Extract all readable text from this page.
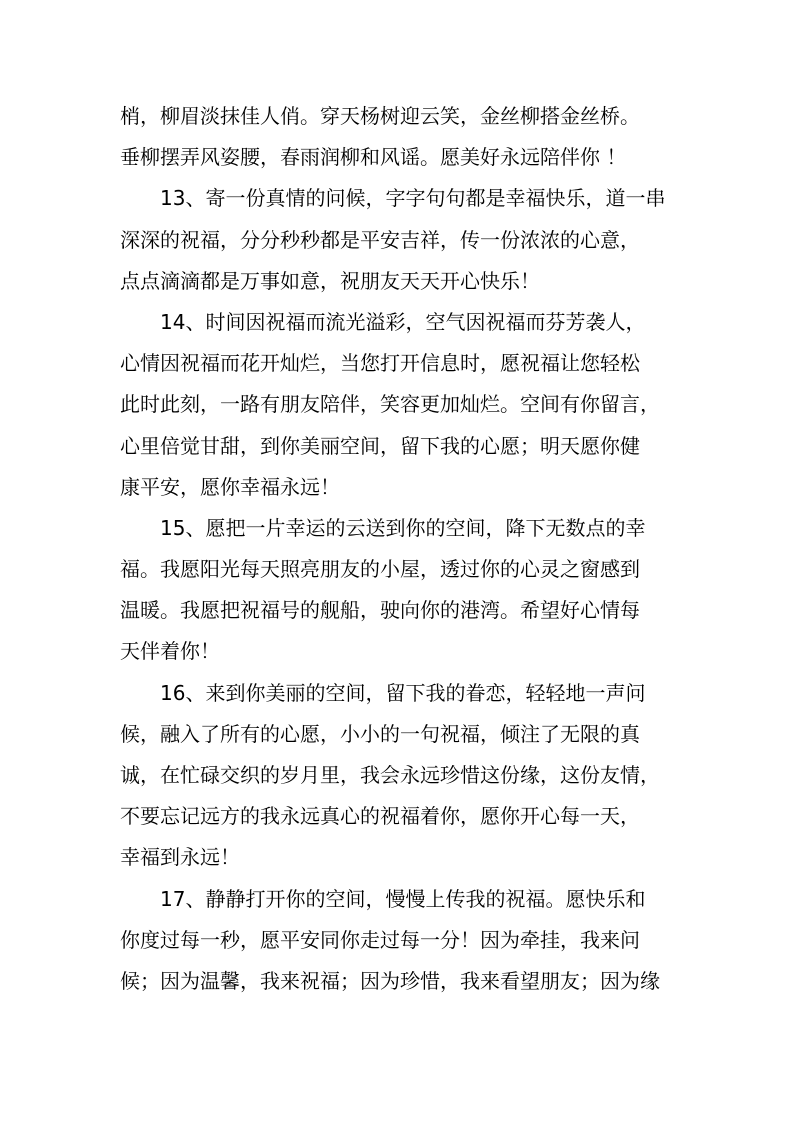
梢，柳眉淡抹佳人俏。穿天杨树迎云笑，金丝柳搭金丝桥。
垂柳摆弄风姿腰，春雨润柳和风谣。愿美好永远陪伴你 ！
　　13、寄一份真情的问候，字字句句都是幸福快乐，道一串
深深的祝福，分分秒秒都是平安吉祥，传一份浓浓的心意，
点点滴滴都是万事如意，祝朋友天天开心快乐！
　　14、时间因祝福而流光溢彩，空气因祝福而芬芳袭人，
心情因祝福而花开灿烂，当您打开信息时，愿祝福让您轻松
此时此刻，一路有朋友陪伴，笑容更加灿烂。空间有你留言，
心里倍觉甘甜，到你美丽空间，留下我的心愿；明天愿你健
康平安，愿你幸福永远！
　　15、愿把一片幸运的云送到你的空间，降下无数点的幸
福。我愿阳光每天照亮朋友的小屋，透过你的心灵之窗感到
温暖。我愿把祝福号的舰船，驶向你的港湾。希望好心情每
天伴着你！
　　16、来到你美丽的空间，留下我的眷恋，轻轻地一声问
候，融入了所有的心愿，小小的一句祝福，倾注了无限的真
诚，在忙碌交织的岁月里，我会永远珍惜这份缘，这份友情，
不要忘记远方的我永远真心的祝福着你，愿你开心每一天，
幸福到永远！
　　17、静静打开你的空间，慢慢上传我的祝福。愿快乐和
你度过每一秒，愿平安同你走过每一分！因为牵挂，我来问
候；因为温馨，我来祝福；因为珍惜，我来看望朋友；因为缘
